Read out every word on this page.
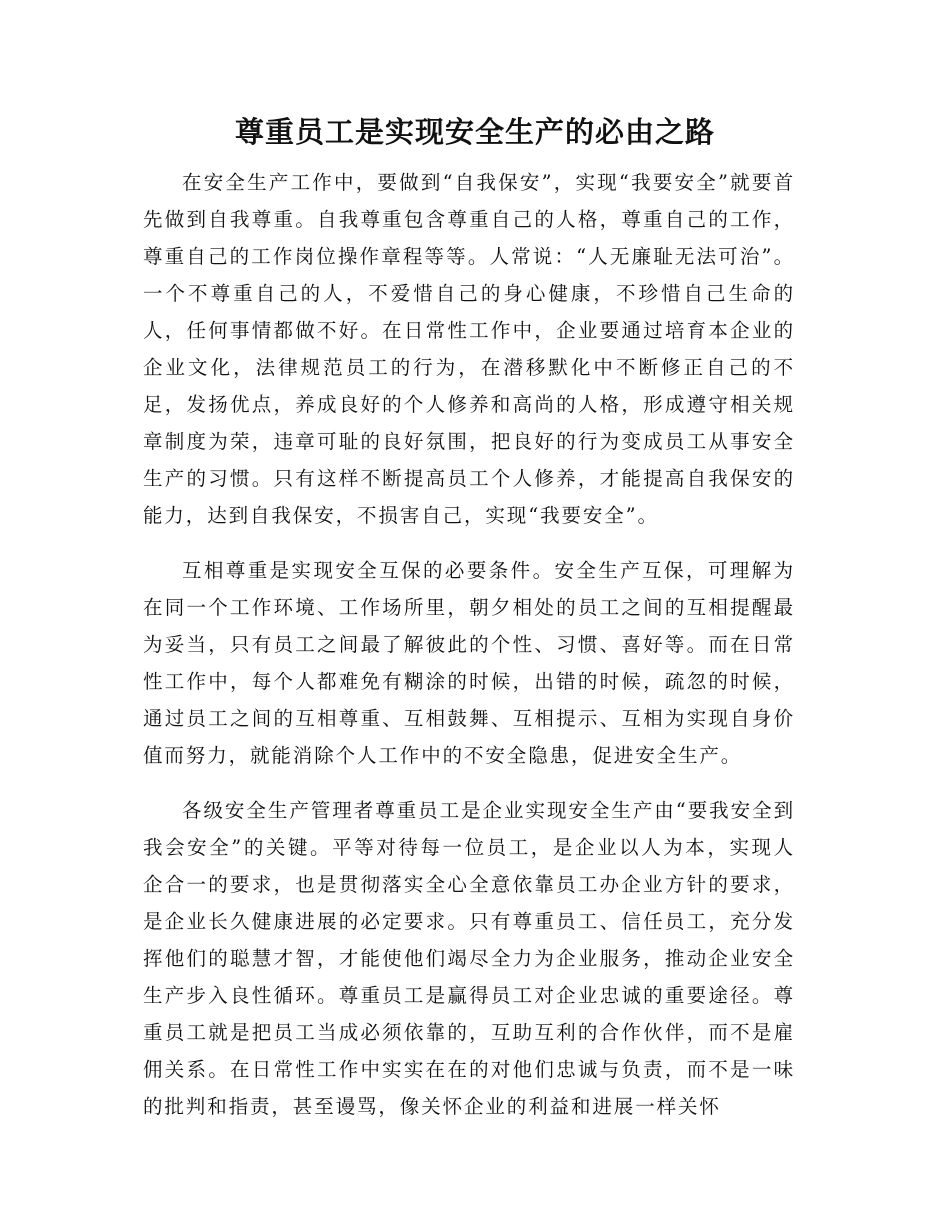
尊重员工是实现安全生产的必由之路

在安全生产工作中，要做到“自我保安”，实现“我要安全”就要首先做到自我尊重。自我尊重包含尊重自己的人格，尊重自己的工作，尊重自己的工作岗位操作章程等等。人常说：“人无廉耻无法可治”。一个不尊重自己的人，不爱惜自己的身心健康，不珍惜自己生命的人，任何事情都做不好。在日常性工作中，企业要通过培育本企业的企业文化，法律规范员工的行为，在潜移默化中不断修正自己的不足，发扬优点，养成良好的个人修养和高尚的人格，形成遵守相关规章制度为荣，违章可耻的良好氛围，把良好的行为变成员工从事安全生产的习惯。只有这样不断提高员工个人修养，才能提高自我保安的能力，达到自我保安，不损害自己，实现“我要安全”。

互相尊重是实现安全互保的必要条件。安全生产互保，可理解为在同一个工作环境、工作场所里，朝夕相处的员工之间的互相提醒最为妥当，只有员工之间最了解彼此的个性、习惯、喜好等。而在日常性工作中，每个人都难免有糊涂的时候，出错的时候，疏忽的时候，通过员工之间的互相尊重、互相鼓舞、互相提示、互相为实现自身价值而努力，就能消除个人工作中的不安全隐患，促进安全生产。

各级安全生产管理者尊重员工是企业实现安全生产由“要我安全到我会安全”的关键。平等对待每一位员工，是企业以人为本，实现人企合一的要求，也是贯彻落实全心全意依靠员工办企业方针的要求，是企业长久健康进展的必定要求。只有尊重员工、信任员工，充分发挥他们的聪慧才智，才能使他们竭尽全力为企业服务，推动企业安全生产步入良性循环。尊重员工是赢得员工对企业忠诚的重要途径。尊重员工就是把员工当成必须依靠的，互助互利的合作伙伴，而不是雇佣关系。在日常性工作中实实在在的对他们忠诚与负责，而不是一味的批判和指责，甚至谩骂，像关怀企业的利益和进展一样关怀
